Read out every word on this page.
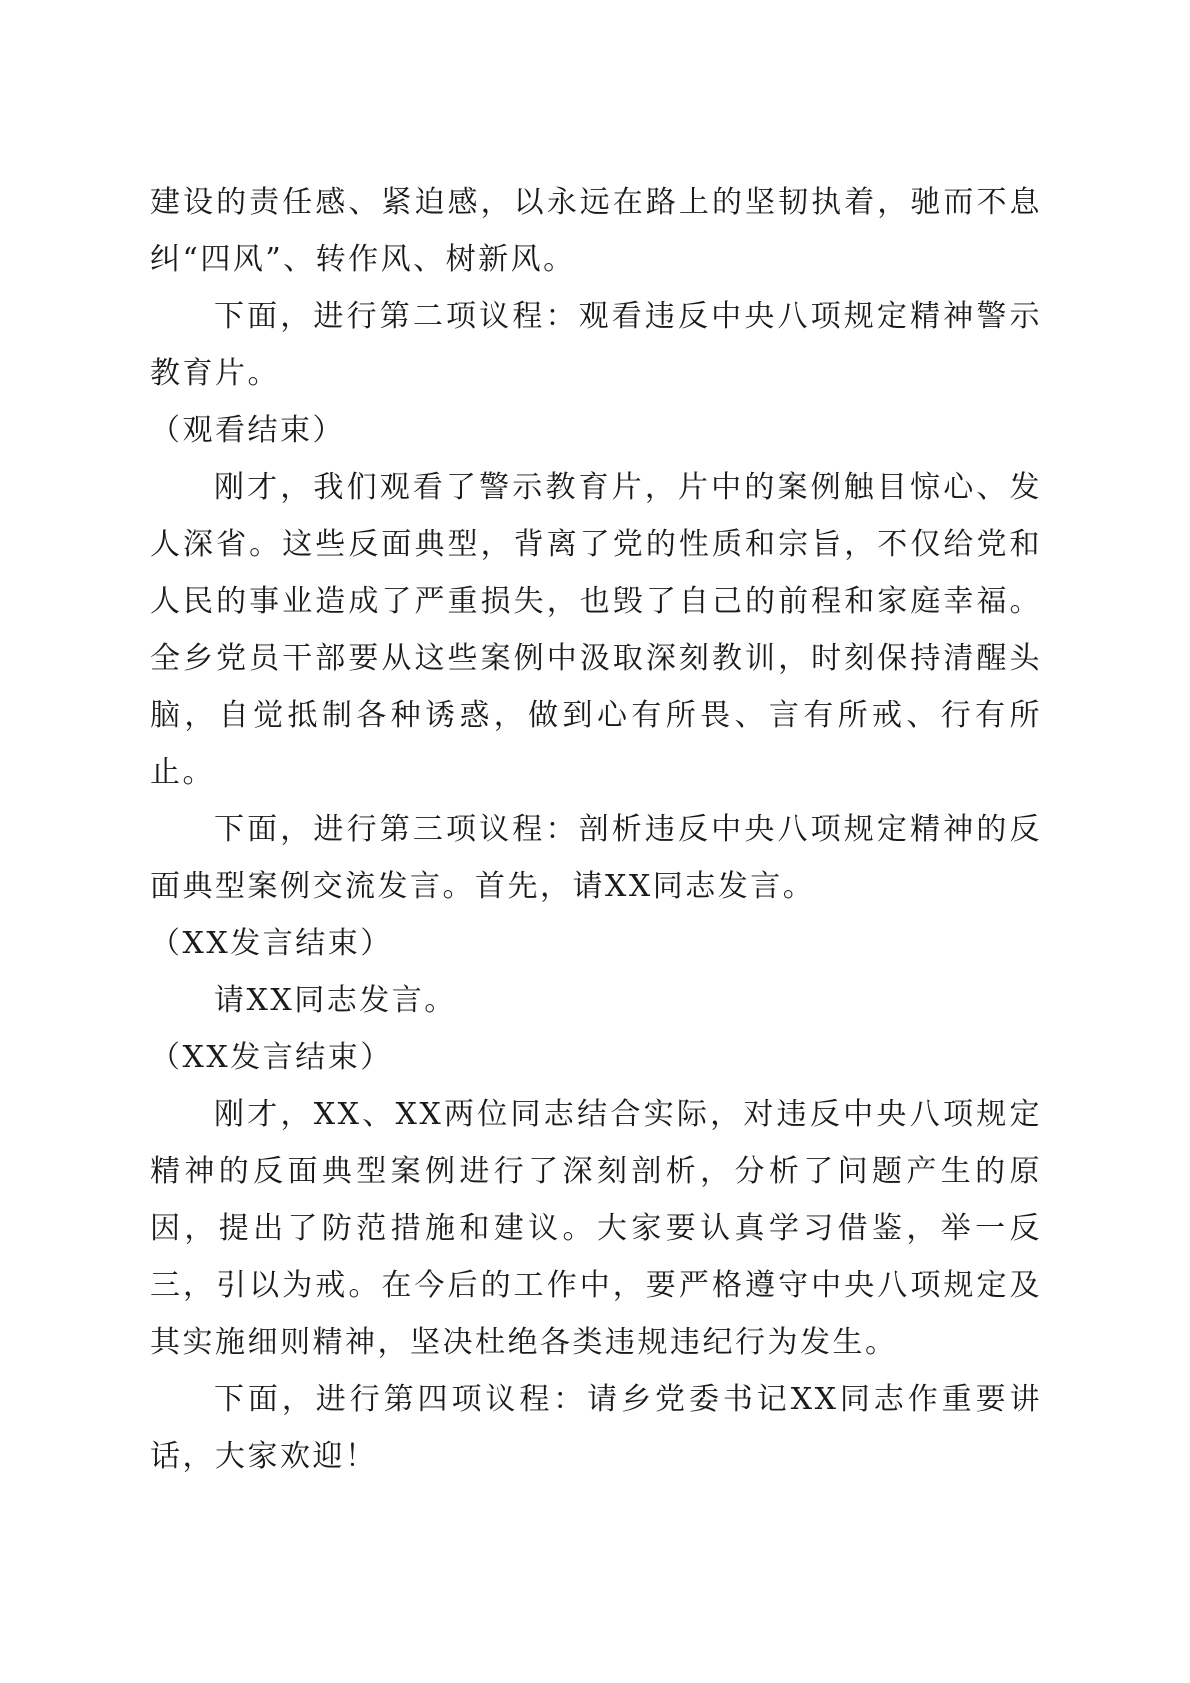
建设的责任感、紧迫感，以永远在路上的坚韧执着，驰而不息纠“四风”、转作风、树新风。

下面，进行第二项议程：观看违反中央八项规定精神警示教育片。

（观看结束）

刚才，我们观看了警示教育片，片中的案例触目惊心、发人深省。这些反面典型，背离了党的性质和宗旨，不仅给党和人民的事业造成了严重损失，也毁了自己的前程和家庭幸福。全乡党员干部要从这些案例中汲取深刻教训，时刻保持清醒头脑，自觉抵制各种诱惑，做到心有所畏、言有所戒、行有所止。

下面，进行第三项议程：剖析违反中央八项规定精神的反面典型案例交流发言。首先，请XX同志发言。

（XX发言结束）

请XX同志发言。

（XX发言结束）

刚才，XX、XX两位同志结合实际，对违反中央八项规定精神的反面典型案例进行了深刻剖析，分析了问题产生的原因，提出了防范措施和建议。大家要认真学习借鉴，举一反三，引以为戒。在今后的工作中，要严格遵守中央八项规定及其实施细则精神，坚决杜绝各类违规违纪行为发生。

下面，进行第四项议程：请乡党委书记XX同志作重要讲话，大家欢迎！
